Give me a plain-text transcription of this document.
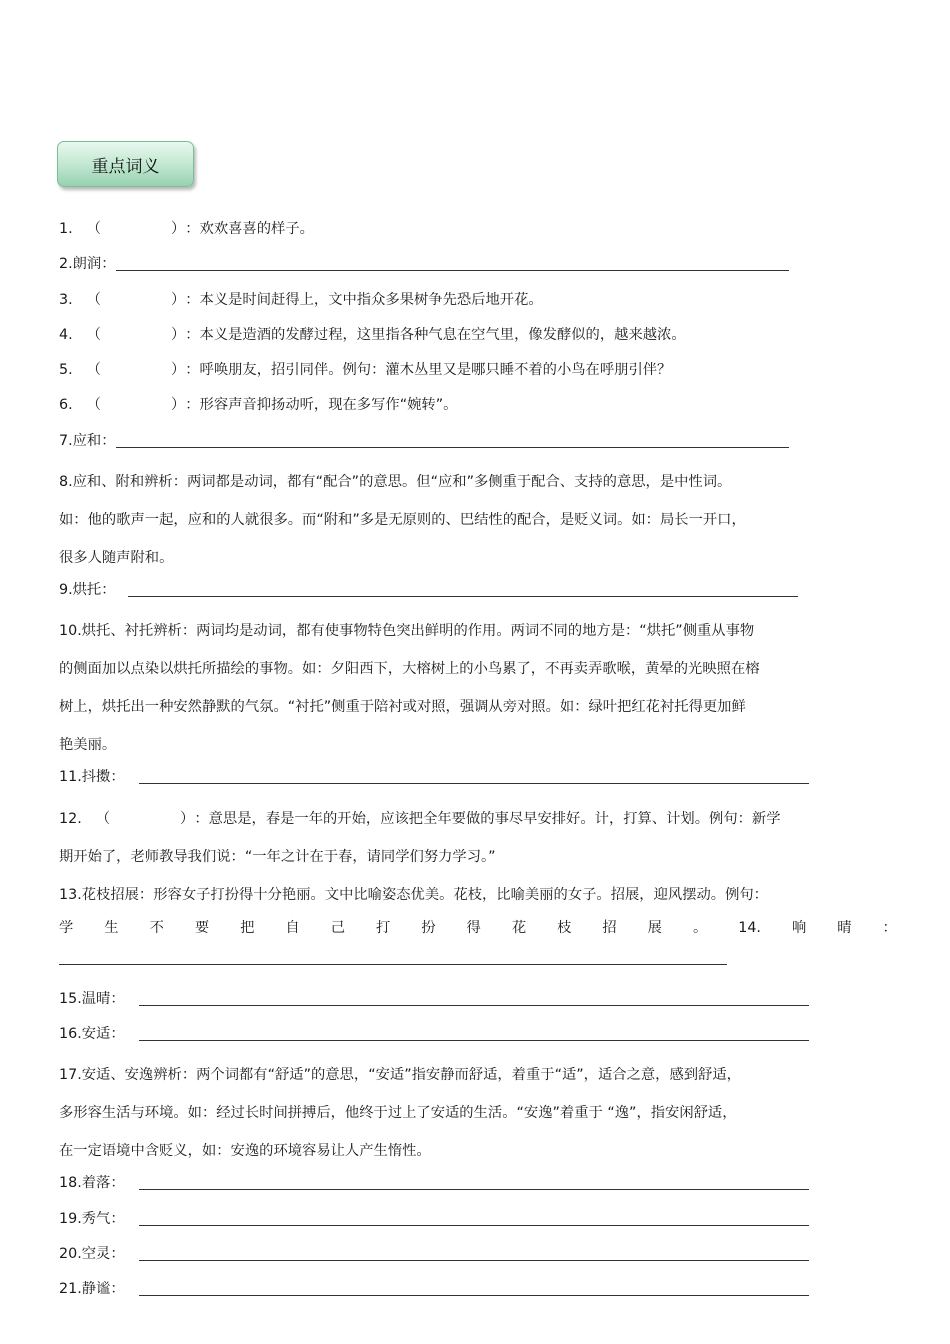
重点词义
1. （	） ：欢欢喜喜的样子。
2.朗润：
3. （	） ：本义是时间赶得上，文中指众多果树争先恐后地开花。
4. （	） ：本义是造酒的发酵过程，这里指各种气息在空气里，像发酵似的，越来越浓。
5. （	） ：呼唤朋友，招引同伴。例句：灌木丛里又是哪只睡不着的小鸟在呼朋引伴？
6. （	） ：形容声音抑扬动听，现在多写作“婉转”。
7.应和：
8.应和、附和辨析：两词都是动词，都有“配合”的意思。但“应和”多侧重于配合、支持的意思，是中性词。
如：他的歌声一起，应和的人就很多。而“附和”多是无原则的、巴结性的配合，是贬义词。如：局长一开口，
很多人随声附和。
9.烘托：
10.烘托、衬托辨析：两词均是动词，都有使事物特色突出鲜明的作用。两词不同的地方是：“烘托”侧重从事物
的侧面加以点染以烘托所描绘的事物。如：夕阳西下，大榕树上的小鸟累了，不再卖弄歌喉，黄晕的光映照在榕
树上，烘托出一种安然静默的气氛。“衬托”侧重于陪衬或对照，强调从旁对照。如：绿叶把红花衬托得更加鲜
艳美丽。
11.抖擞：
12. （	） ：意思是，春是一年的开始，应该把全年要做的事尽早安排好。计，打算、计划。例句：新学
期开始了，老师教导我们说：“一年之计在于春，请同学们努力学习。”
13.花枝招展：形容女子打扮得十分艳丽。文中比喻姿态优美。花枝，比喻美丽的女子。招展，迎风摆动。例句：
学 生 不 要 把 自 己 打 扮 得 花 枝 招 展 。 14. 响 晴 ：
15.温晴：
16.安适：
17.安适、安逸辨析：两个词都有“舒适”的意思，“安适”指安静而舒适，着重于“适”，适合之意，感到舒适，
多形容生活与环境。如：经过长时间拼搏后，他终于过上了安适的生活。“安逸”着重于 “逸”，指安闲舒适，
在一定语境中含贬义，如：安逸的环境容易让人产生惰性。
18.着落：
19.秀气：
20.空灵：
21.静谧：
